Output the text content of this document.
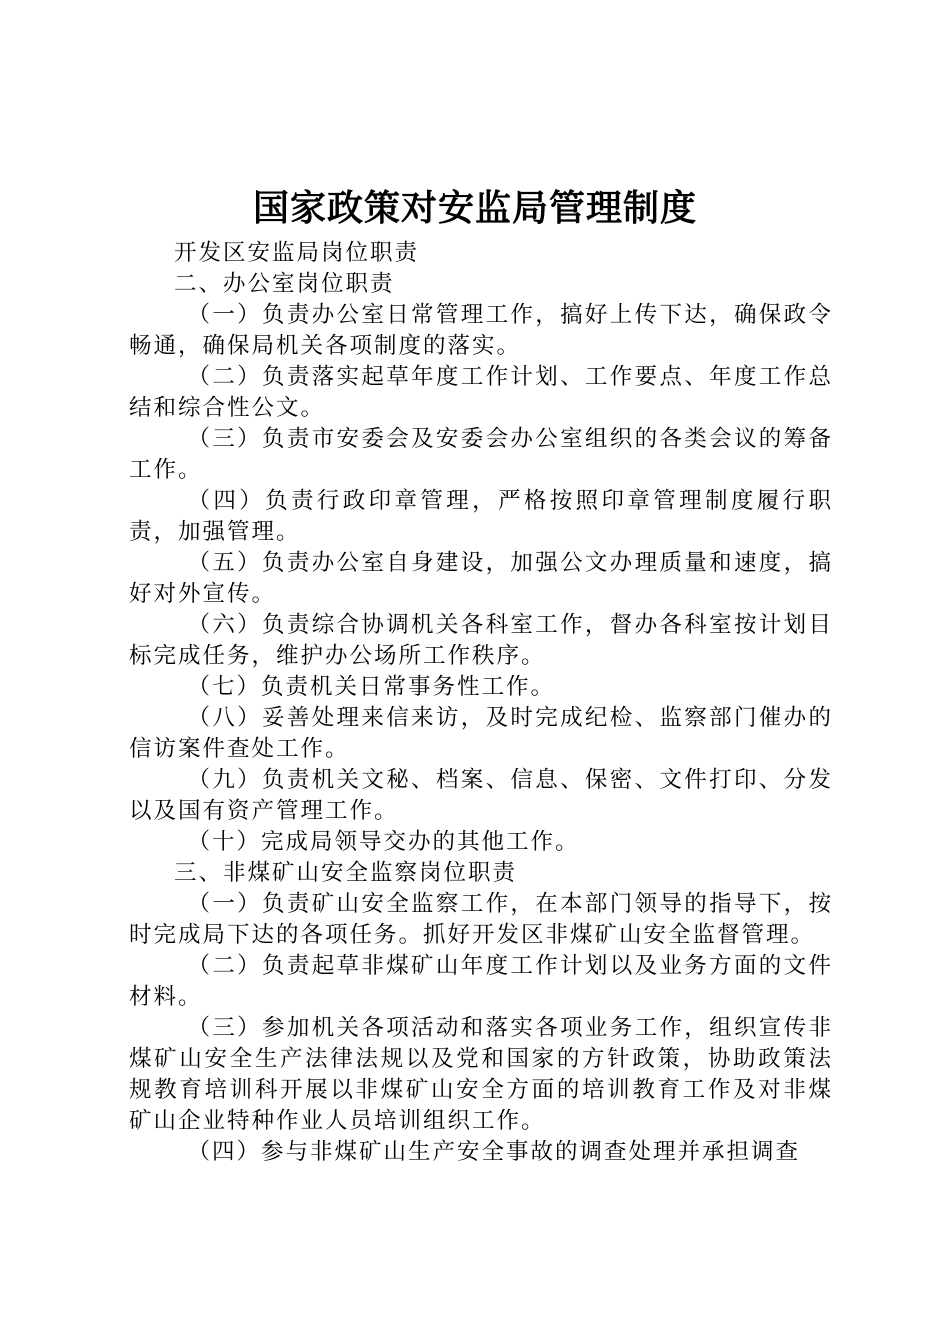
国家政策对安监局管理制度

开发区安监局岗位职责

二、办公室岗位职责

（一）负责办公室日常管理工作，搞好上传下达，确保政令畅通，确保局机关各项制度的落实。

（二）负责落实起草年度工作计划、工作要点、年度工作总结和综合性公文。

（三）负责市安委会及安委会办公室组织的各类会议的筹备工作。

（四）负责行政印章管理，严格按照印章管理制度履行职责，加强管理。

（五）负责办公室自身建设，加强公文办理质量和速度，搞好对外宣传。

（六）负责综合协调机关各科室工作，督办各科室按计划目标完成任务，维护办公场所工作秩序。

（七）负责机关日常事务性工作。

（八）妥善处理来信来访，及时完成纪检、监察部门催办的信访案件查处工作。

（九）负责机关文秘、档案、信息、保密、文件打印、分发以及国有资产管理工作。

（十）完成局领导交办的其他工作。

三、非煤矿山安全监察岗位职责

（一）负责矿山安全监察工作，在本部门领导的指导下，按时完成局下达的各项任务。抓好开发区非煤矿山安全监督管理。

（二）负责起草非煤矿山年度工作计划以及业务方面的文件材料。

（三）参加机关各项活动和落实各项业务工作，组织宣传非煤矿山安全生产法律法规以及党和国家的方针政策，协助政策法规教育培训科开展以非煤矿山安全方面的培训教育工作及对非煤矿山企业特种作业人员培训组织工作。

（四）参与非煤矿山生产安全事故的调查处理并承担调查
